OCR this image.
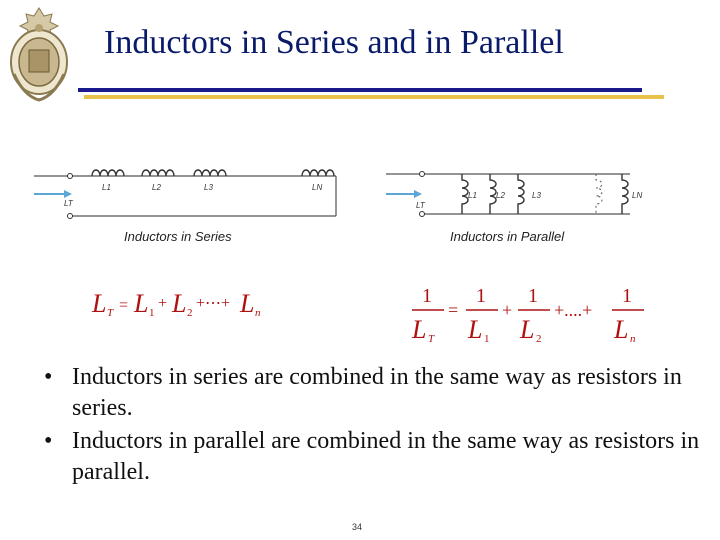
Inductors in Series and in Parallel
LT
L1	L2	L3	LN
Inductors in Series
LT
L1 L2	L3	LN
Inductors in Parallel
L T = L 1
+ L 2
+⋯+ L n
1
L T
=
1
L 1
+
1
L 2
+....+
1
L n
• Inductors in series are combined in the same way as resistors in series.
• Inductors in parallel are combined in the same way as resistors in parallel.
34
